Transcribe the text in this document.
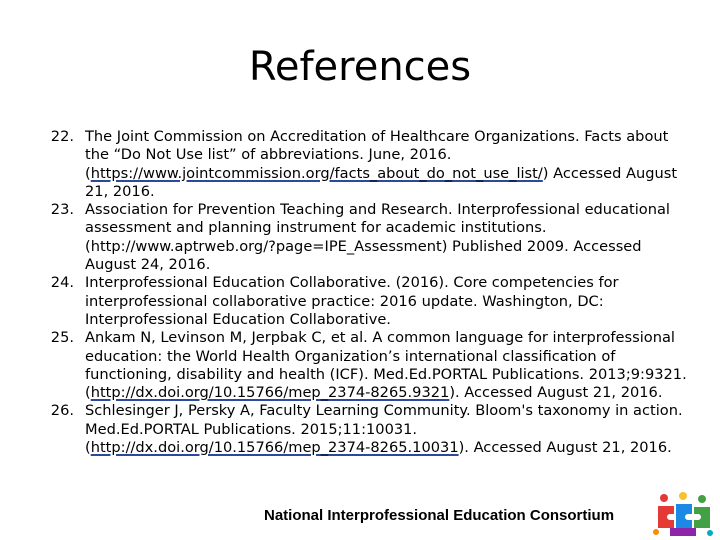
References
22. The Joint Commission on Accreditation of Healthcare Organizations. Facts about the “Do Not Use list” of abbreviations. June, 2016. (https://www.jointcommission.org/facts_about_do_not_use_list/) Accessed August 21, 2016.
23. Association for Prevention Teaching and Research. Interprofessional educational assessment and planning instrument for academic institutions. (http://www.aptrweb.org/?page=IPE_Assessment) Published 2009. Accessed August 24, 2016.
24. Interprofessional Education Collaborative. (2016). Core competencies for interprofessional collaborative practice: 2016 update. Washington, DC: Interprofessional Education Collaborative.
25. Ankam N, Levinson M, Jerpbak C, et al. A common language for interprofessional education: the World Health Organization’s international classification of functioning, disability and health (ICF). Med.Ed.PORTAL Publications. 2013;9:9321. (http://dx.doi.org/10.15766/mep_2374-8265.9321). Accessed August 21, 2016.
26. Schlesinger J, Persky A, Faculty Learning Community. Bloom's taxonomy in action. Med.Ed.PORTAL Publications. 2015;11:10031. (http://dx.doi.org/10.15766/mep_2374-8265.10031). Accessed August 21, 2016.
National Interprofessional Education Consortium
